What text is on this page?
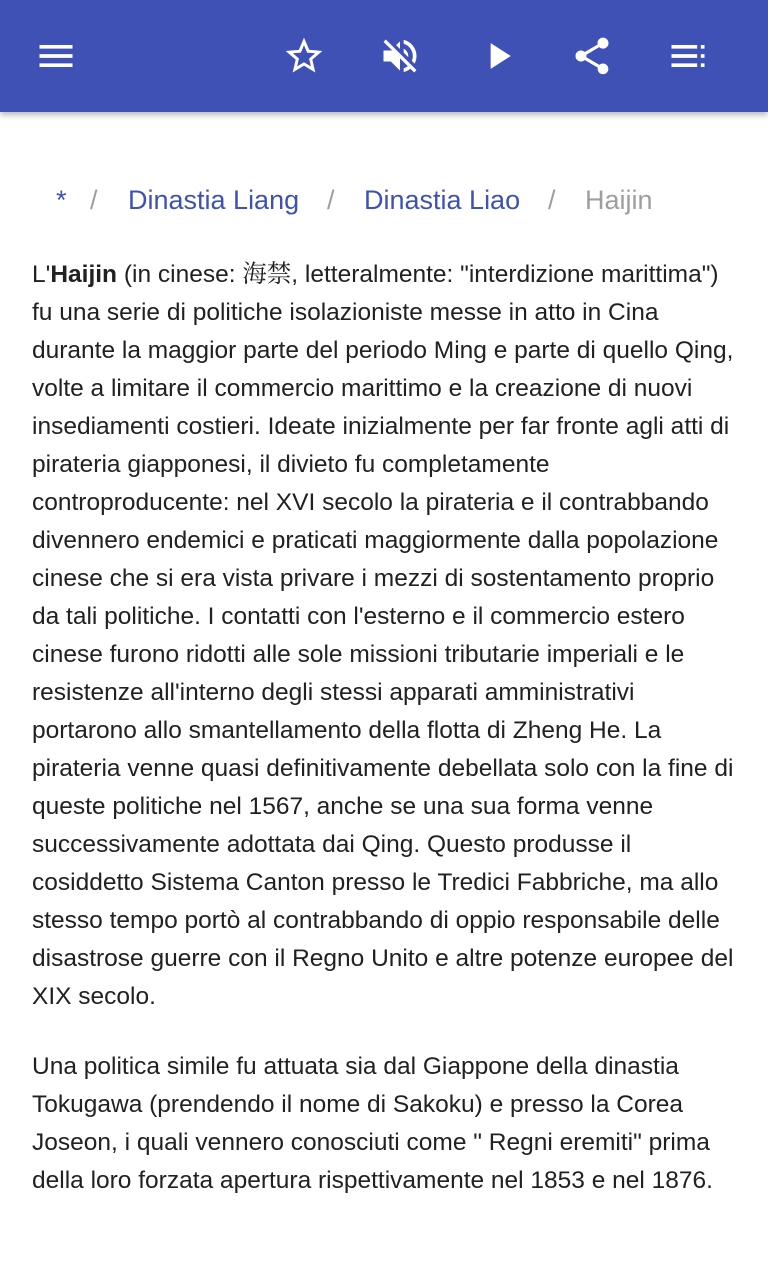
* / Dinastia Liang / Dinastia Liao / Haijin

L'Haijin (in cinese: 海禁, letteralmente: "interdizione marittima") fu una serie di politiche isolazioniste messe in atto in Cina durante la maggior parte del periodo Ming e parte di quello Qing, volte a limitare il commercio marittimo e la creazione di nuovi insediamenti costieri. Ideate inizialmente per far fronte agli atti di pirateria giapponesi, il divieto fu completamente controproducente: nel XVI secolo la pirateria e il contrabbando divennero endemici e praticati maggiormente dalla popolazione cinese che si era vista privare i mezzi di sostentamento proprio da tali politiche. I contatti con l'esterno e il commercio estero cinese furono ridotti alle sole missioni tributarie imperiali e le resistenze all'interno degli stessi apparati amministrativi portarono allo smantellamento della flotta di Zheng He. La pirateria venne quasi definitivamente debellata solo con la fine di queste politiche nel 1567, anche se una sua forma venne successivamente adottata dai Qing. Questo produsse il cosiddetto Sistema Canton presso le Tredici Fabbriche, ma allo stesso tempo portò al contrabbando di oppio responsabile delle disastrose guerre con il Regno Unito e altre potenze europee del XIX secolo.

Una politica simile fu attuata sia dal Giappone della dinastia Tokugawa (prendendo il nome di Sakoku) e presso la Corea Joseon, i quali vennero conosciuti come " Regni eremiti" prima della loro forzata apertura rispettivamente nel 1853 e nel 1876.
